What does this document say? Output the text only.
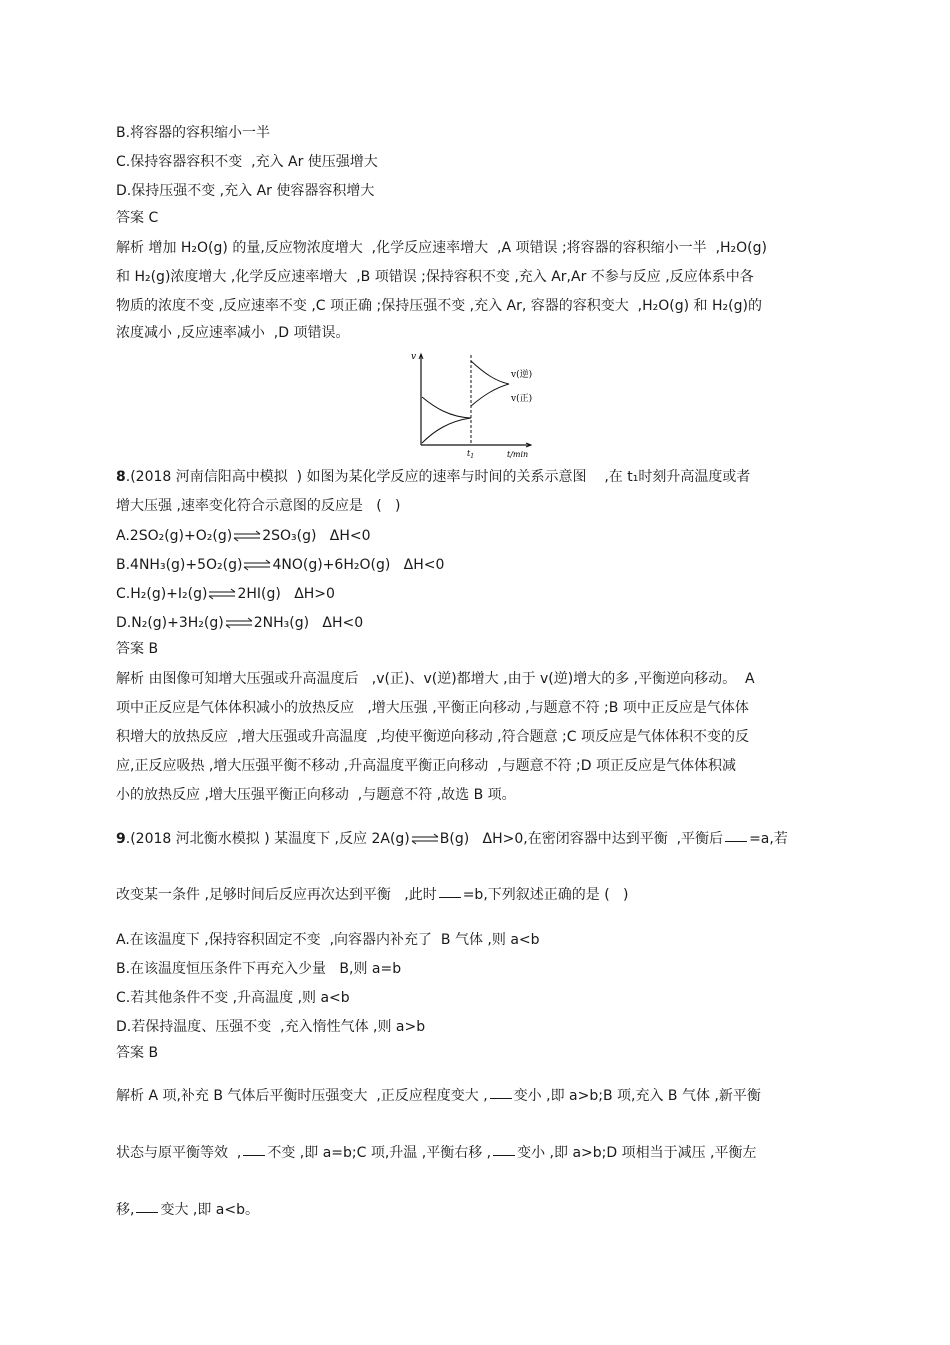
B.将容器的容积缩小一半
C.保持容器容积不变  ,充入 Ar 使压强增大
D.保持压强不变 ,充入 Ar 使容器容积增大
答案 C
解析 增加 H₂O(g) 的量,反应物浓度增大  ,化学反应速率增大  ,A 项错误 ;将容器的容积缩小一半  ,H₂O(g)
和 H₂(g)浓度增大 ,化学反应速率增大  ,B 项错误 ;保持容积不变 ,充入 Ar,Ar 不参与反应 ,反应体系中各
物质的浓度不变 ,反应速率不变 ,C 项正确 ;保持压强不变 ,充入 Ar, 容器的容积变大  ,H₂O(g) 和 H₂(g)的
浓度减小 ,反应速率减小  ,D 项错误。
v
t/min
v(逆)
v(正)
$t_1$
8.(2018 河南信阳高中模拟  ) 如图为某化学反应的速率与时间的关系示意图    ,在 t₁时刻升高温度或者
增大压强 ,速率变化符合示意图的反应是   (   )
A.2SO₂(g)+O₂(g)⇌2SO₃(g)   ΔH<0
B.4NH₃(g)+5O₂(g)⇌4NO(g)+6H₂O(g)   ΔH<0
C.H₂(g)+I₂(g)⇌2HI(g)   ΔH>0
D.N₂(g)+3H₂(g)⇌2NH₃(g)   ΔH<0
答案 B
解析 由图像可知增大压强或升高温度后   ,v(正)、v(逆)都增大 ,由于 v(逆)增大的多 ,平衡逆向移动。  A
项中正反应是气体体积减小的放热反应   ,增大压强 ,平衡正向移动 ,与题意不符 ;B 项中正反应是气体体
积增大的放热反应  ,增大压强或升高温度  ,均使平衡逆向移动 ,符合题意 ;C 项反应是气体体积不变的反
应,正反应吸热 ,增大压强平衡不移动 ,升高温度平衡正向移动  ,与题意不符 ;D 项正反应是气体体积减
小的放热反应 ,增大压强平衡正向移动  ,与题意不符 ,故选 B 项。
9.(2018 河北衡水模拟 ) 某温度下 ,反应 2A(g)⇌B(g)   ΔH>0,在密闭容器中达到平衡  ,平衡后 =a,若
改变某一条件 ,足够时间后反应再次达到平衡   ,此时 =b,下列叙述正确的是 (   )
A.在该温度下 ,保持容积固定不变  ,向容器内补充了  B 气体 ,则 a<b
B.在该温度恒压条件下再充入少量   B,则 a=b
C.若其他条件不变 ,升高温度 ,则 a<b
D.若保持温度、压强不变  ,充入惰性气体 ,则 a>b
答案 B
解析 A 项,补充 B 气体后平衡时压强变大  ,正反应程度变大 , 变小 ,即 a>b;B 项,充入 B 气体 ,新平衡
状态与原平衡等效  , 不变 ,即 a=b;C 项,升温 ,平衡右移 , 变小 ,即 a>b;D 项相当于减压 ,平衡左
移, 变大 ,即 a<b。
